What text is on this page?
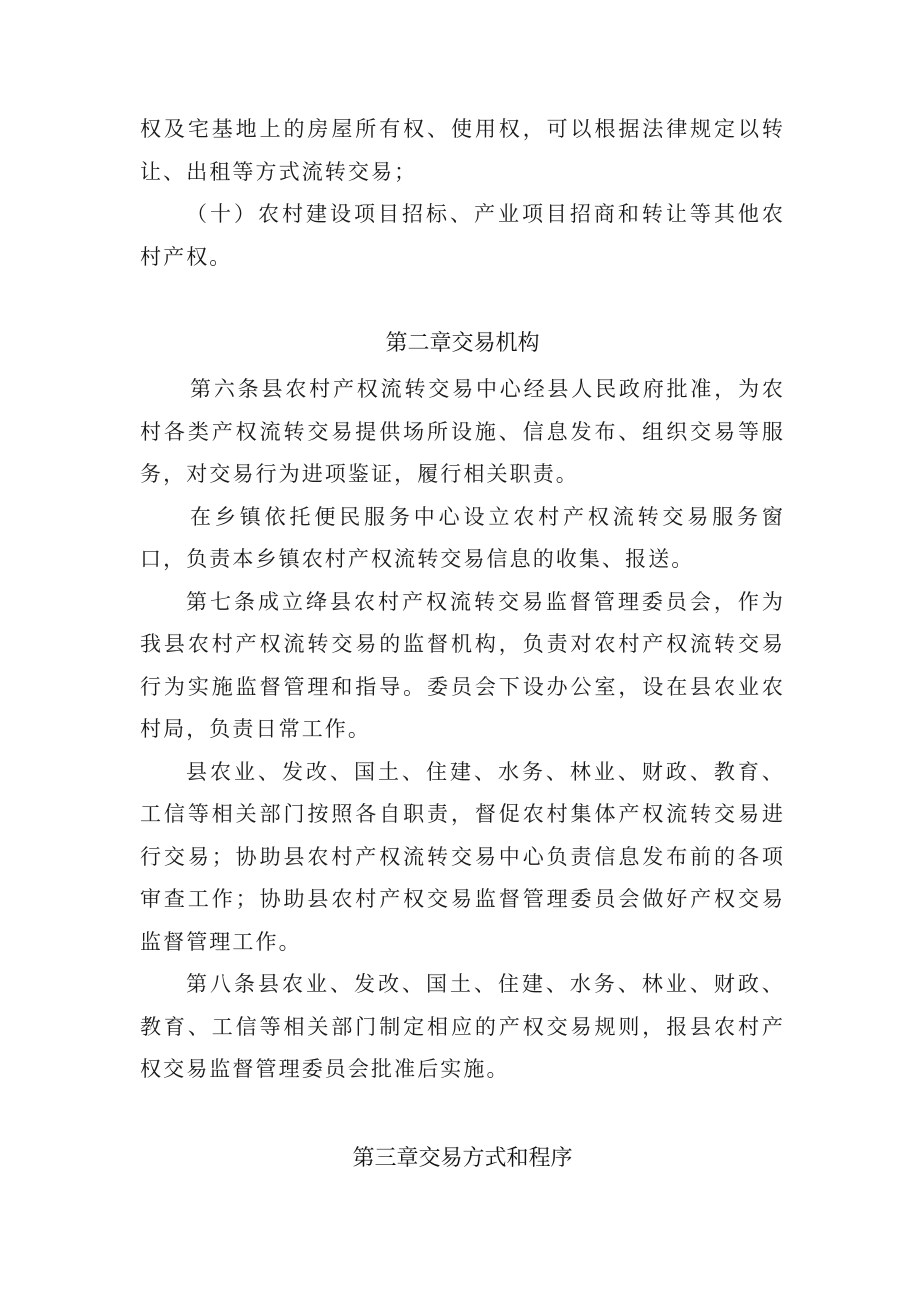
权及宅基地上的房屋所有权、使用权，可以根据法律规定以转让、出租等方式流转交易；

（十）农村建设项目招标、产业项目招商和转让等其他农村产权。

第二章交易机构

第六条县农村产权流转交易中心经县人民政府批准，为农村各类产权流转交易提供场所设施、信息发布、组织交易等服务，对交易行为进项鉴证，履行相关职责。

在乡镇依托便民服务中心设立农村产权流转交易服务窗口，负责本乡镇农村产权流转交易信息的收集、报送。

第七条成立绛县农村产权流转交易监督管理委员会，作为我县农村产权流转交易的监督机构，负责对农村产权流转交易行为实施监督管理和指导。委员会下设办公室，设在县农业农村局，负责日常工作。

县农业、发改、国土、住建、水务、林业、财政、教育、工信等相关部门按照各自职责，督促农村集体产权流转交易进行交易；协助县农村产权流转交易中心负责信息发布前的各项审查工作；协助县农村产权交易监督管理委员会做好产权交易监督管理工作。

第八条县农业、发改、国土、住建、水务、林业、财政、教育、工信等相关部门制定相应的产权交易规则，报县农村产权交易监督管理委员会批准后实施。

第三章交易方式和程序
